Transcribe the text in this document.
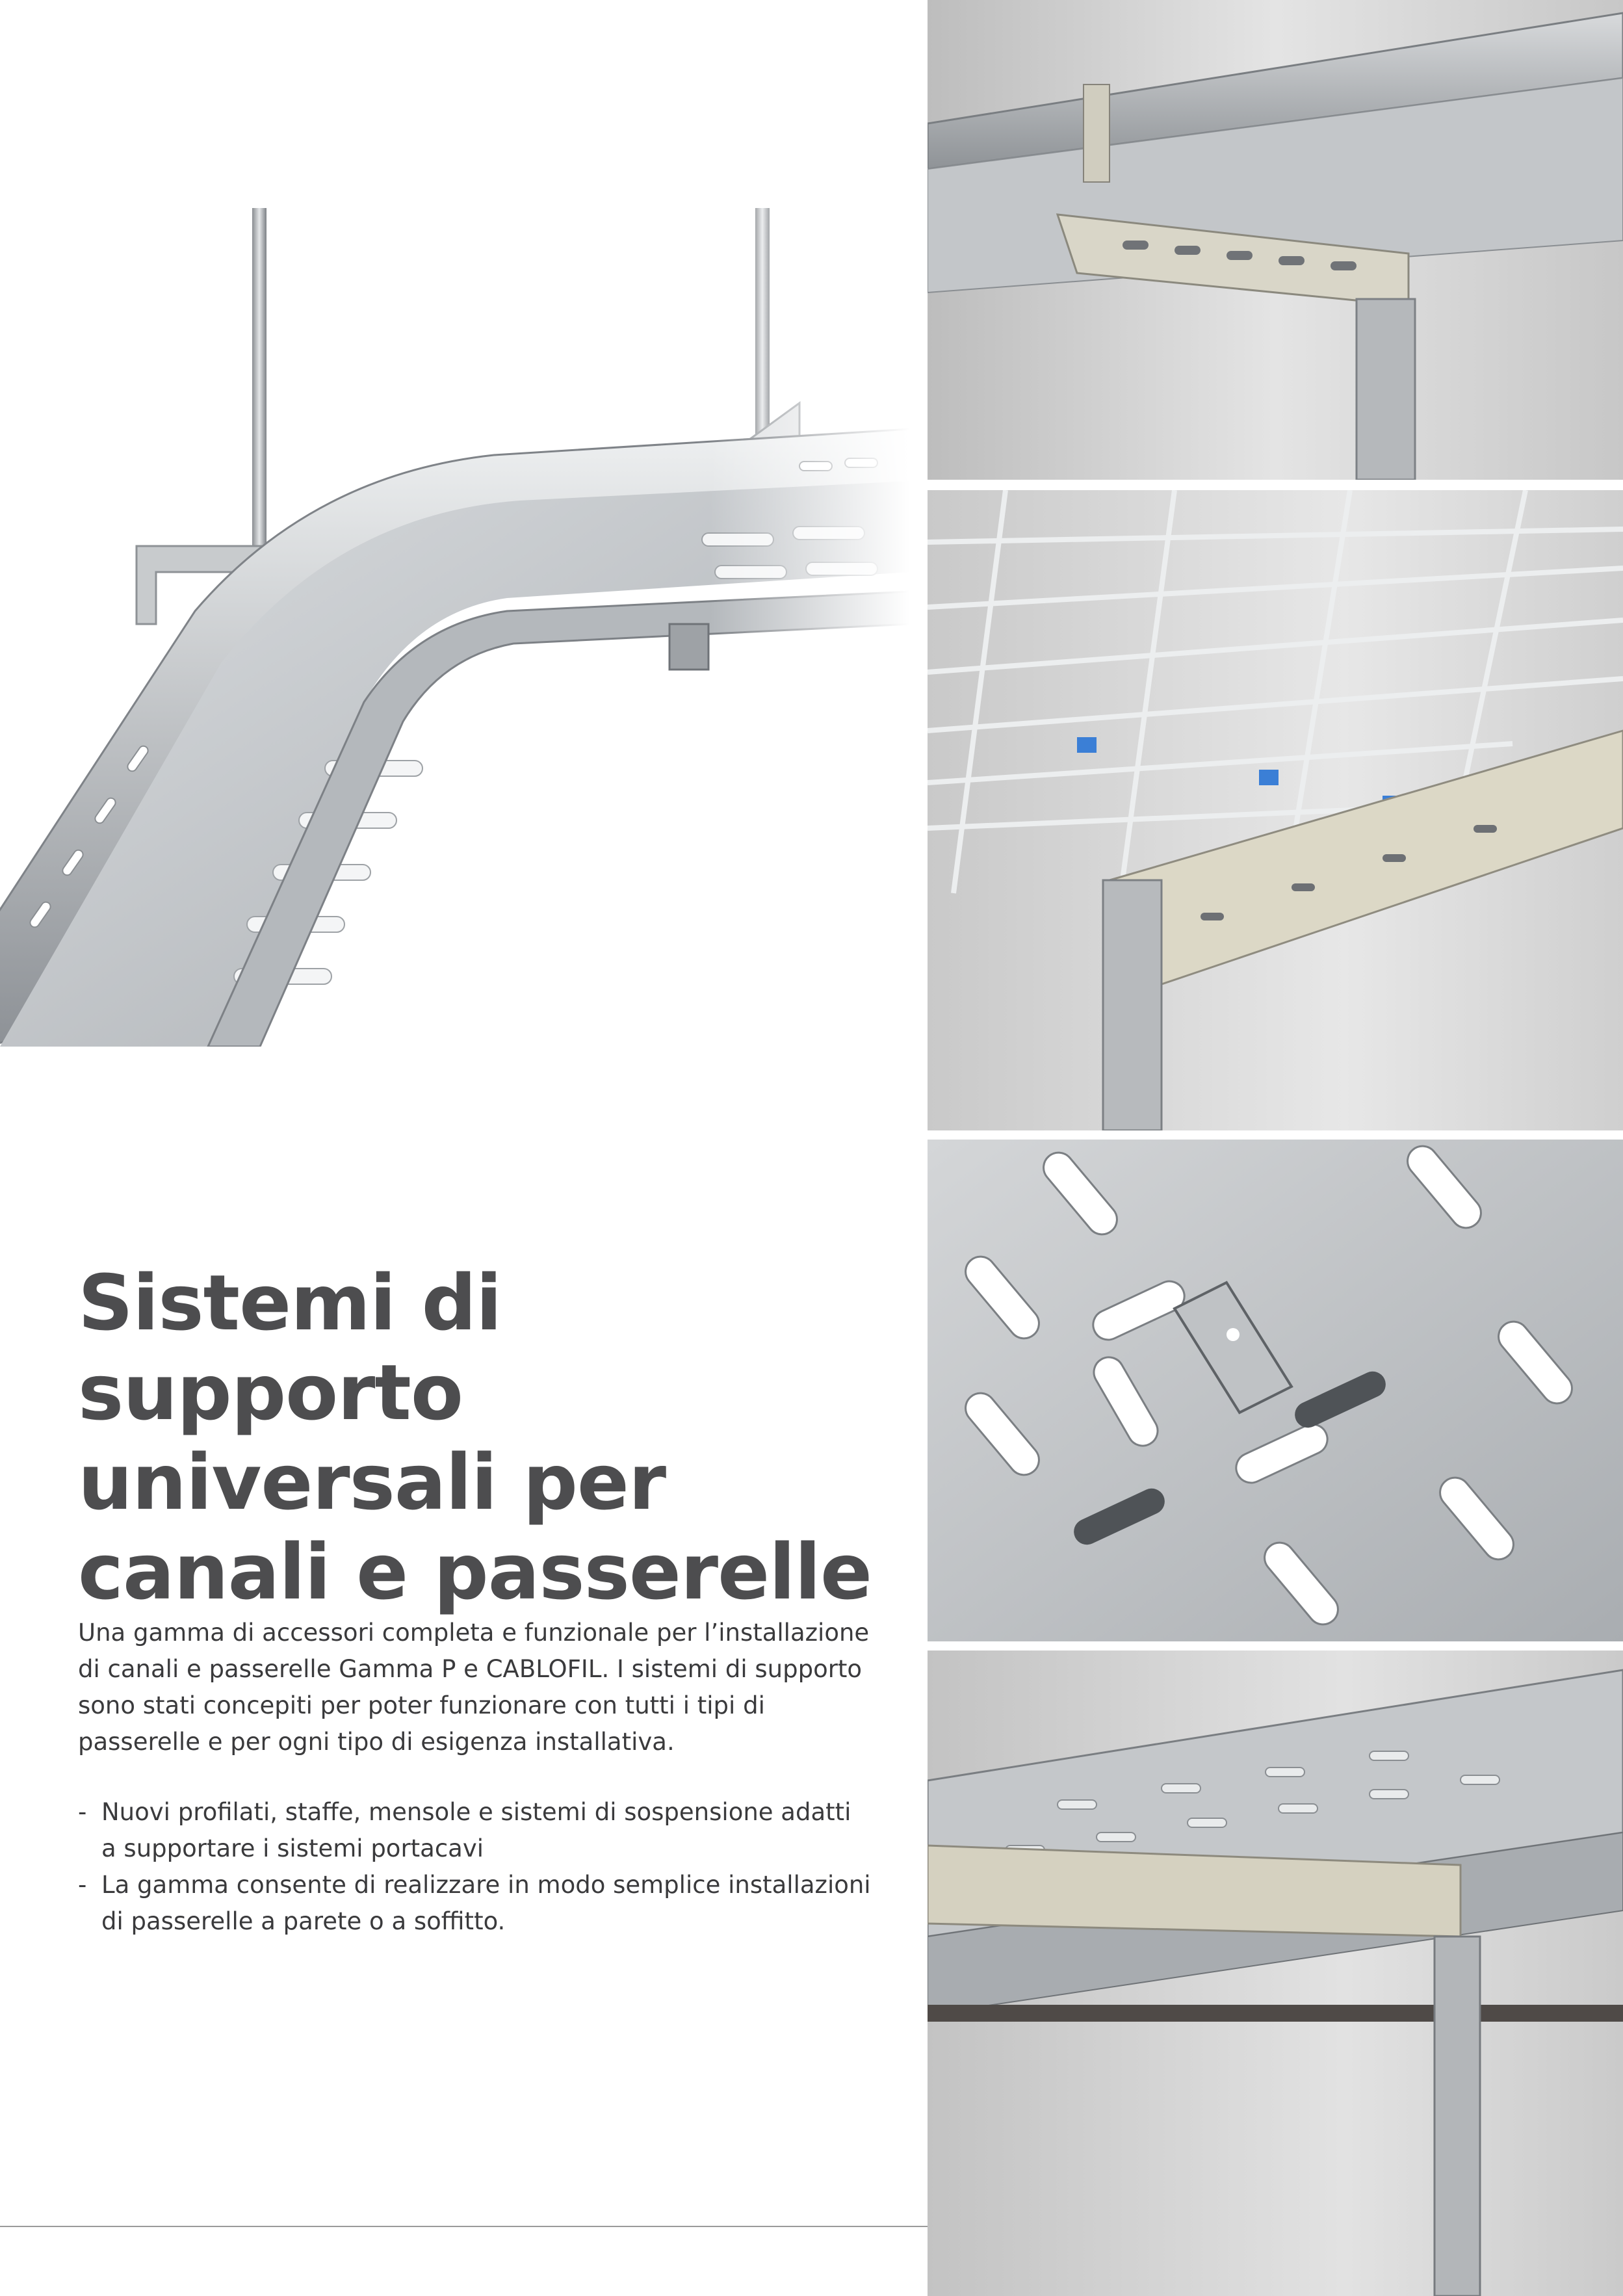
Sistemi di supporto
universali per
canali e passerelle

Una gamma di accessori completa e funzionale per l’installazione di canali e passerelle Gamma P e CABLOFIL. I sistemi di supporto sono stati concepiti per poter funzionare con tutti i tipi di passerelle e per ogni tipo di esigenza installativa.

- Nuovi profilati, staffe, mensole e sistemi di sospensione adatti a supportare i sistemi portacavi
- La gamma consente di realizzare in modo semplice installazioni di passerelle a parete o a soffitto.
